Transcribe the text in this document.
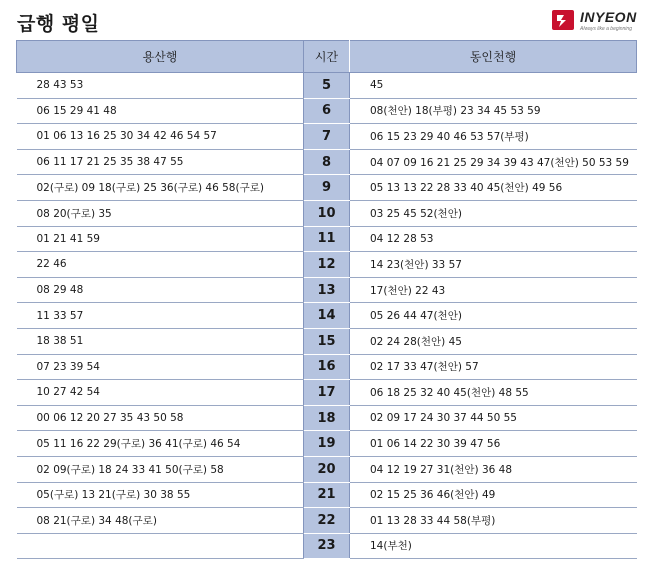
급행 평일	INYEON
Always like a beginning
용산행	시간	동인천행
28 43 53	5	45
06 15 29 41 48	6	08(천안) 18(부평) 23 34 45 53 59
01 06 13 16 25 30 34 42 46 54 57	7	06 15 23 29 40 46 53 57(부평)
06 11 17 21 25 35 38 47 55	8	04 07 09 16 21 25 29 34 39 43 47(천안) 50 53 59
02(구로) 09 18(구로) 25 36(구로) 46 58(구로)	9	05 13 13 22 28 33 40 45(천안) 49 56
08 20(구로) 35	10	03 25 45 52(천안)
01 21 41 59	11	04 12 28 53
22 46	12	14 23(천안) 33 57
08 29 48	13	17(천안) 22 43
11 33 57	14	05 26 44 47(천안)
18 38 51	15	02 24 28(천안) 45
07 23 39 54	16	02 17 33 47(천안) 57
10 27 42 54	17	06 18 25 32 40 45(천안) 48 55
00 06 12 20 27 35 43 50 58	18	02 09 17 24 30 37 44 50 55
05 11 16 22 29(구로) 36 41(구로) 46 54	19	01 06 14 22 30 39 47 56
02 09(구로) 18 24 33 41 50(구로) 58	20	04 12 19 27 31(천안) 36 48
05(구로) 13 21(구로) 30 38 55	21	02 15 25 36 46(천안) 49
08 21(구로) 34 48(구로)	22	01 13 28 33 44 58(부평)
	23	14(부천)
